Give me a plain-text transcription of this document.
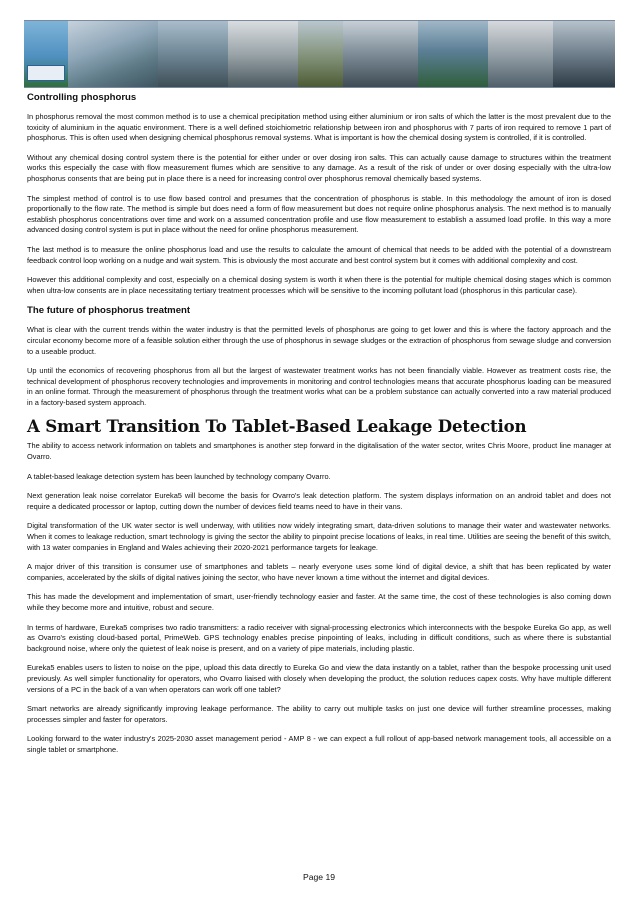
Controlling phosphorus

In phosphorus removal the most common method is to use a chemical precipitation method using either aluminium or iron salts of which the latter is the most prevalent due to the toxicity of aluminium in the aquatic environment. There is a well defined stoichiometric relationship between iron and phosphorus with 7 parts of iron required to remove 1 part of phosphorus. This is often used when designing chemical phosphorus removal systems. What is important is how the chemical dosing system is controlled, if it is controlled.

Without any chemical dosing control system there is the potential for either under or over dosing iron salts. This can actually cause damage to structures within the treatment works this especially the case with flow measurement flumes which are sensitive to any damage. As a result of the risk of under or over dosing especially with the ultra-low phosphorus consents that are being put in place there is a need for increasing control over phosphorus removal chemically based systems.

The simplest method of control is to use flow based control and presumes that the concentration of phosphorus is stable. In this methodology the amount of iron is dosed proportionally to the flow rate. The method is simple but does need a form of flow measurement but does not require online phosphorus analysis. The next method is to manually establish phosphorus concentrations over time and work on a assumed concentration profile and use flow measurement to establish a assumed load profile. In this way a more advanced dosing control system is put in place without the need for online phosphorus measurement.

The last method is to measure the online phosphorus load and use the results to calculate the amount of chemical that needs to be added with the potential of a downstream feedback control loop working on a nudge and wait system. This is obviously the most accurate and best control system but it comes with additional complexity and cost.

However this additional complexity and cost, especially on a chemical dosing system is worth it when there is the potential for multiple chemical dosing stages which is common when ultra-low consents are in place necessitating tertiary treatment processes which will be sensitive to the incoming pollutant load (phosphorus in this particular case).

The future of phosphorus treatment

What is clear with the current trends within the water industry is that the permitted levels of phosphorus are going to get lower and this is where the factory approach and the circular economy become more of a feasible solution either through the use of phosphorus in sewage sludges or the extraction of phosphorus from sewage sludge and conversion to a useable product.

Up until the economics of recovering phosphorus from all but the largest of wastewater treatment works has not been financially viable. However as treatment costs rise, the technical development of phosphorus recovery technologies and improvements in monitoring and control technologies means that accurate phosphorus loading can be measured in an online format. Through the measurement of phosphorus through the treatment works what can be a problem substance can actually converted into a raw material produced in a factory-based system approach.

A Smart Transition To Tablet-Based Leakage Detection

The ability to access network information on tablets and smartphones is another step forward in the digitalisation of the water sector, writes Chris Moore, product line manager at Ovarro.

A tablet-based leakage detection system has been launched by technology company Ovarro.

Next generation leak noise correlator Eureka5 will become the basis for Ovarro's leak detection platform. The system displays information on an android tablet and does not require a dedicated processor or laptop, cutting down the number of devices field teams need to have in their vans.

Digital transformation of the UK water sector is well underway, with utilities now widely integrating smart, data-driven solutions to manage their water and wastewater networks. When it comes to leakage reduction, smart technology is giving the sector the ability to pinpoint precise locations of leaks, in real time. Utilities are seeing the benefit of this switch, with 13 water companies in England and Wales achieving their 2020-2021 performance targets for leakage.

A major driver of this transition is consumer use of smartphones and tablets – nearly everyone uses some kind of digital device, a shift that has been replicated by water companies, accelerated by the skills of digital natives joining the sector, who have never known a time without the internet and digital devices.

This has made the development and implementation of smart, user-friendly technology easier and faster. At the same time, the cost of these technologies is also coming down while they become more and intuitive, robust and secure.

In terms of hardware, Eureka5 comprises two radio transmitters: a radio receiver with signal-processing electronics which interconnects with the bespoke Eureka Go app, as well as Ovarro's existing cloud-based portal, PrimeWeb. GPS technology enables precise pinpointing of leaks, including in difficult conditions, such as where there is substantial background noise, where only the quietest of leak noise is present, and on a variety of pipe materials, including plastic.

Eureka5 enables users to listen to noise on the pipe, upload this data directly to Eureka Go and view the data instantly on a tablet, rather than the bespoke processing unit used previously. As well simpler functionality for operators, who Ovarro liaised with closely when developing the product, the solution reduces capex costs. Why have multiple different versions of a PC in the back of a van when operators can work off one tablet?

Smart networks are already significantly improving leakage performance. The ability to carry out multiple tasks on just one device will further streamline processes, making processes simpler and faster for operators.

Looking forward to the water industry's 2025-2030 asset management period - AMP 8 - we can expect a full rollout of app-based network management tools, all accessible on a single tablet or smartphone.

Page 19
